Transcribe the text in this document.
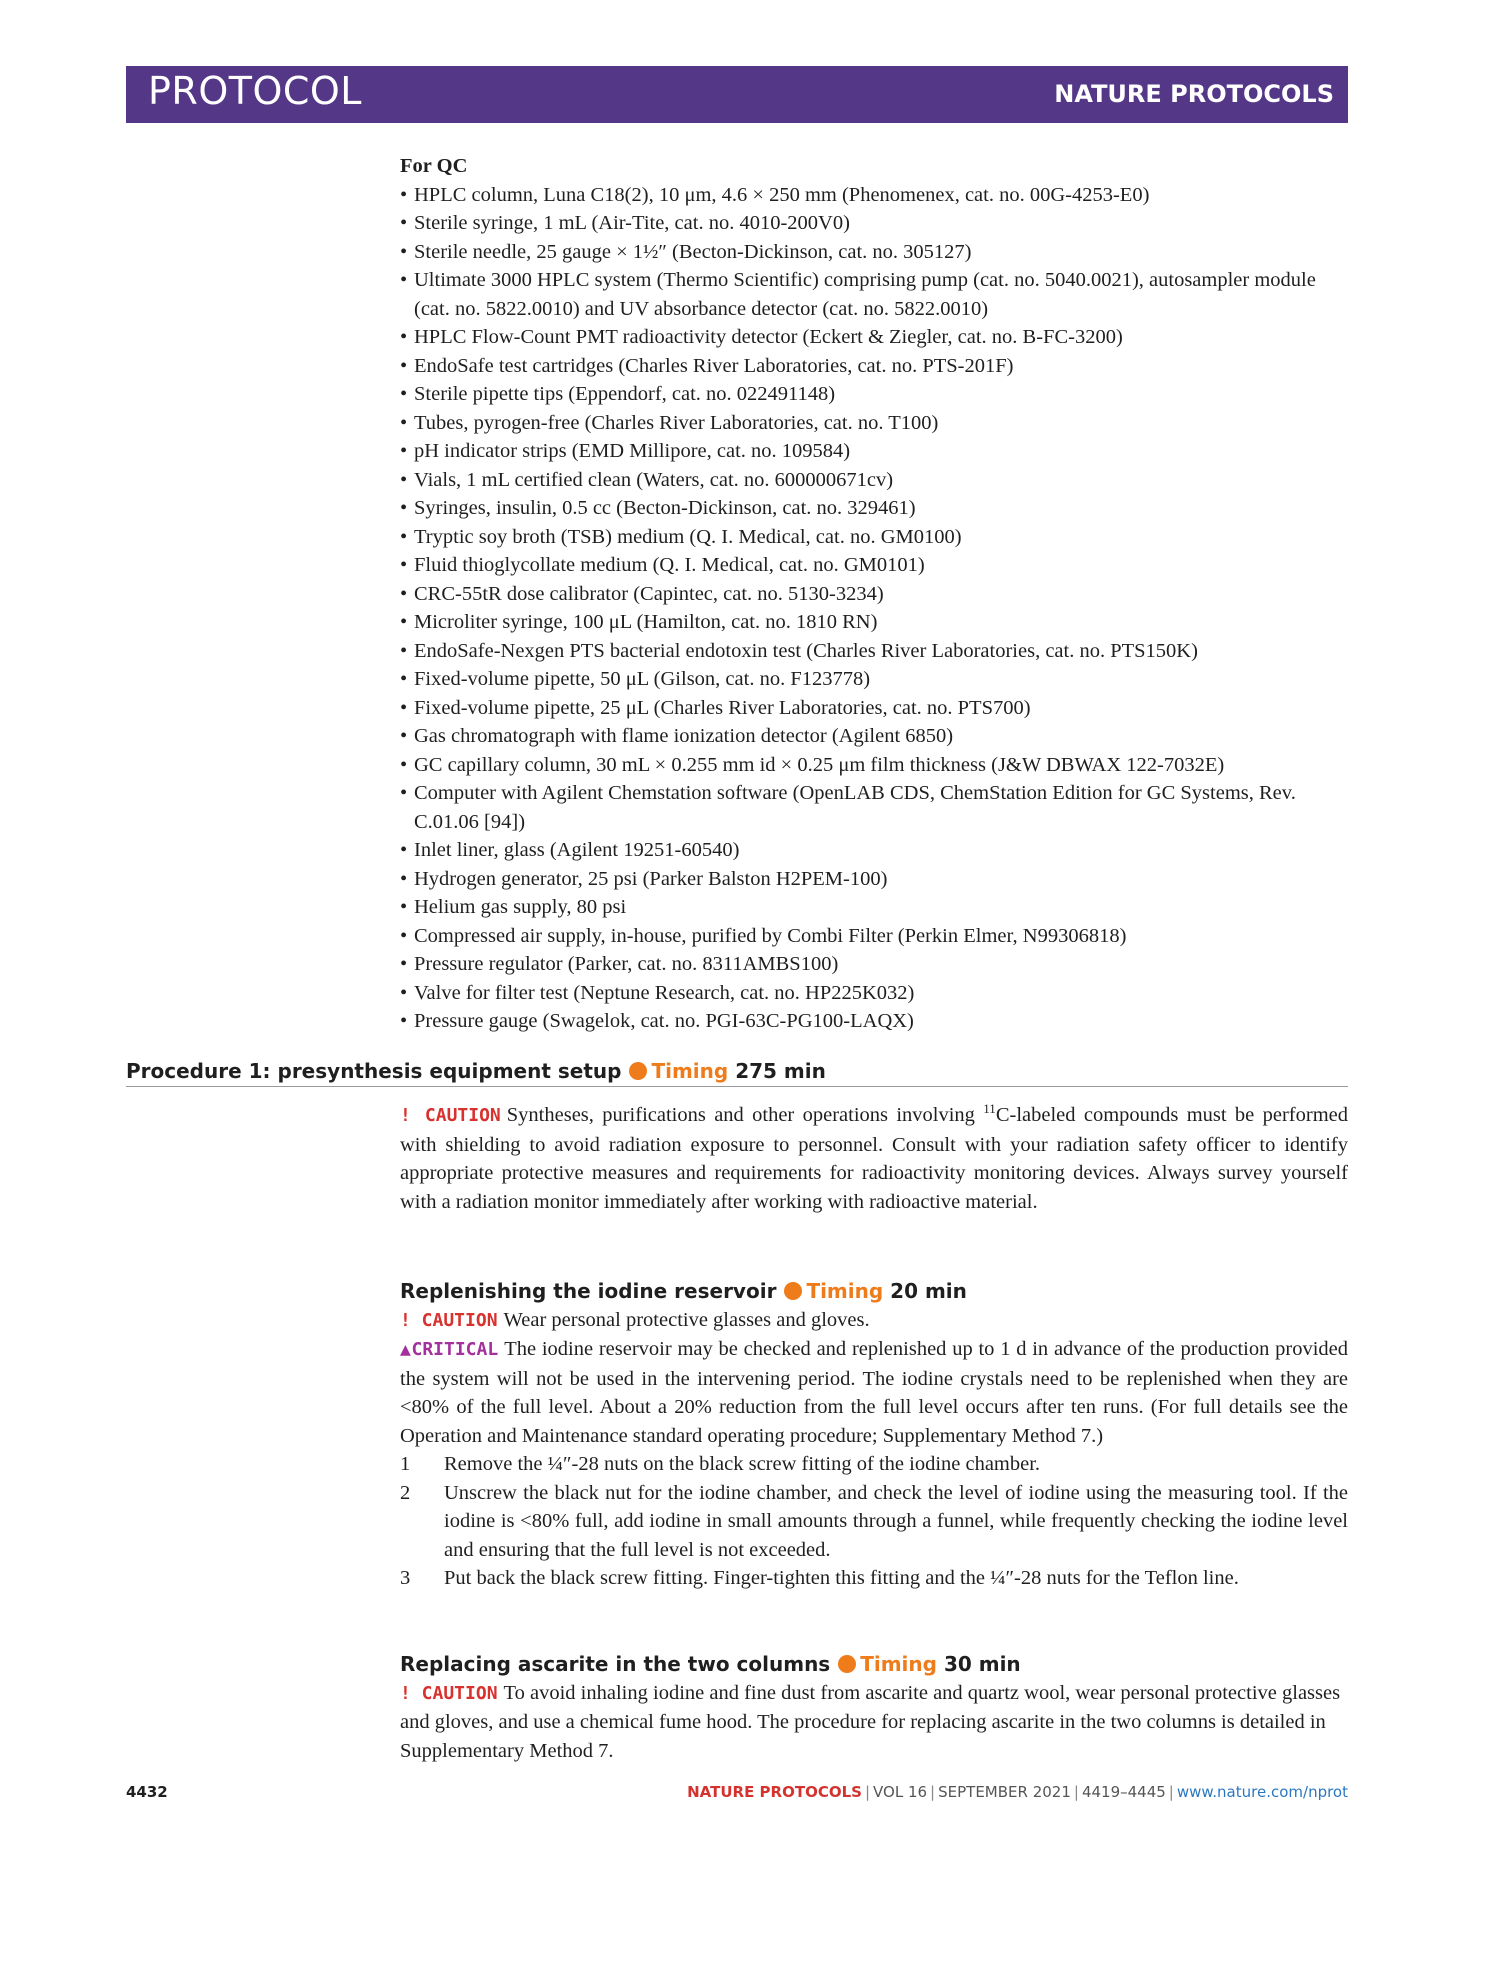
PROTOCOL	NATURE PROTOCOLS
For QC
• HPLC column, Luna C18(2), 10 μm, 4.6 × 250 mm (Phenomenex, cat. no. 00G-4253-E0)
• Sterile syringe, 1 mL (Air-Tite, cat. no. 4010-200V0)
• Sterile needle, 25 gauge × 1½″ (Becton-Dickinson, cat. no. 305127)
• Ultimate 3000 HPLC system (Thermo Scientific) comprising pump (cat. no. 5040.0021), autosampler module (cat. no. 5822.0010) and UV absorbance detector (cat. no. 5822.0010)
• HPLC Flow-Count PMT radioactivity detector (Eckert & Ziegler, cat. no. B-FC-3200)
• EndoSafe test cartridges (Charles River Laboratories, cat. no. PTS-201F)
• Sterile pipette tips (Eppendorf, cat. no. 022491148)
• Tubes, pyrogen-free (Charles River Laboratories, cat. no. T100)
• pH indicator strips (EMD Millipore, cat. no. 109584)
• Vials, 1 mL certified clean (Waters, cat. no. 600000671cv)
• Syringes, insulin, 0.5 cc (Becton-Dickinson, cat. no. 329461)
• Tryptic soy broth (TSB) medium (Q. I. Medical, cat. no. GM0100)
• Fluid thioglycollate medium (Q. I. Medical, cat. no. GM0101)
• CRC-55tR dose calibrator (Capintec, cat. no. 5130-3234)
• Microliter syringe, 100 μL (Hamilton, cat. no. 1810 RN)
• EndoSafe-Nexgen PTS bacterial endotoxin test (Charles River Laboratories, cat. no. PTS150K)
• Fixed-volume pipette, 50 μL (Gilson, cat. no. F123778)
• Fixed-volume pipette, 25 μL (Charles River Laboratories, cat. no. PTS700)
• Gas chromatograph with flame ionization detector (Agilent 6850)
• GC capillary column, 30 mL × 0.255 mm id × 0.25 μm film thickness (J&W DBWAX 122-7032E)
• Computer with Agilent Chemstation software (OpenLAB CDS, ChemStation Edition for GC Systems, Rev. C.01.06 [94])
• Inlet liner, glass (Agilent 19251-60540)
• Hydrogen generator, 25 psi (Parker Balston H2PEM-100)
• Helium gas supply, 80 psi
• Compressed air supply, in-house, purified by Combi Filter (Perkin Elmer, N99306818)
• Pressure regulator (Parker, cat. no. 8311AMBS100)
• Valve for filter test (Neptune Research, cat. no. HP225K032)
• Pressure gauge (Swagelok, cat. no. PGI-63C-PG100-LAQX)
Procedure 1: presynthesis equipment setup Timing 275 min
! CAUTION Syntheses, purifications and other operations involving $^{11}$C-labeled compounds must be performed with shielding to avoid radiation exposure to personnel. Consult with your radiation safety officer to identify appropriate protective measures and requirements for radioactivity monitoring devices. Always survey yourself with a radiation monitor immediately after working with radioactive material.
Replenishing the iodine reservoir Timing 20 min
! CAUTION Wear personal protective glasses and gloves.
▲CRITICAL The iodine reservoir may be checked and replenished up to 1 d in advance of the production provided the system will not be used in the intervening period. The iodine crystals need to be replenished when they are <80% of the full level. About a 20% reduction from the full level occurs after ten runs. (For full details see the Operation and Maintenance standard operating procedure; Supplementary Method 7.)
1 Remove the ¼″-28 nuts on the black screw fitting of the iodine chamber.
2 Unscrew the black nut for the iodine chamber, and check the level of iodine using the measuring tool. If the iodine is <80% full, add iodine in small amounts through a funnel, while frequently checking the iodine level and ensuring that the full level is not exceeded.
3 Put back the black screw fitting. Finger-tighten this fitting and the ¼″-28 nuts for the Teflon line.
Replacing ascarite in the two columns Timing 30 min
! CAUTION To avoid inhaling iodine and fine dust from ascarite and quartz wool, wear personal protective glasses and gloves, and use a chemical fume hood. The procedure for replacing ascarite in the two columns is detailed in Supplementary Method 7.
4432	NATURE PROTOCOLS | VOL 16 | SEPTEMBER 2021 | 4419–4445 | www.nature.com/nprot
